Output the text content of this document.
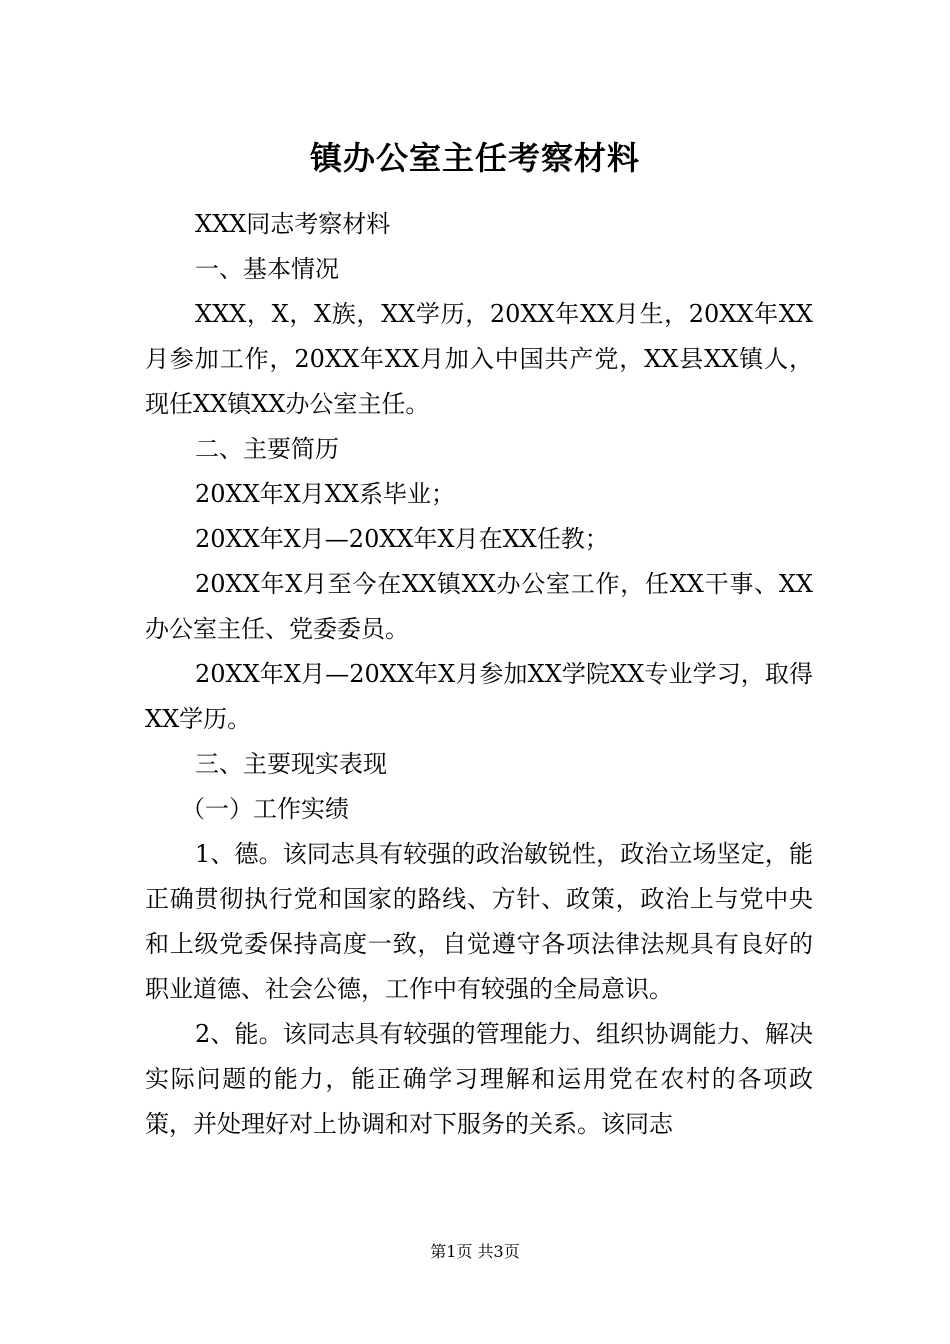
镇办公室主任考察材料

XXX同志考察材料

一、基本情况

XXX，X，X族，XX学历，20XX年XX月生，20XX年XX月参加工作，20XX年XX月加入中国共产党，XX县XX镇人，现任XX镇XX办公室主任。

二、主要简历

20XX年X月XX系毕业；

20XX年X月—20XX年X月在XX任教；

20XX年X月至今在XX镇XX办公室工作，任XX干事、XX办公室主任、党委委员。

20XX年X月—20XX年X月参加XX学院XX专业学习，取得XX学历。

三、主要现实表现

（一）工作实绩

1、德。该同志具有较强的政治敏锐性，政治立场坚定，能正确贯彻执行党和国家的路线、方针、政策，政治上与党中央和上级党委保持高度一致，自觉遵守各项法律法规具有良好的职业道德、社会公德，工作中有较强的全局意识。

2、能。该同志具有较强的管理能力、组织协调能力、解决实际问题的能力，能正确学习理解和运用党在农村的各项政策，并处理好对上协调和对下服务的关系。该同志

第1页 共3页
